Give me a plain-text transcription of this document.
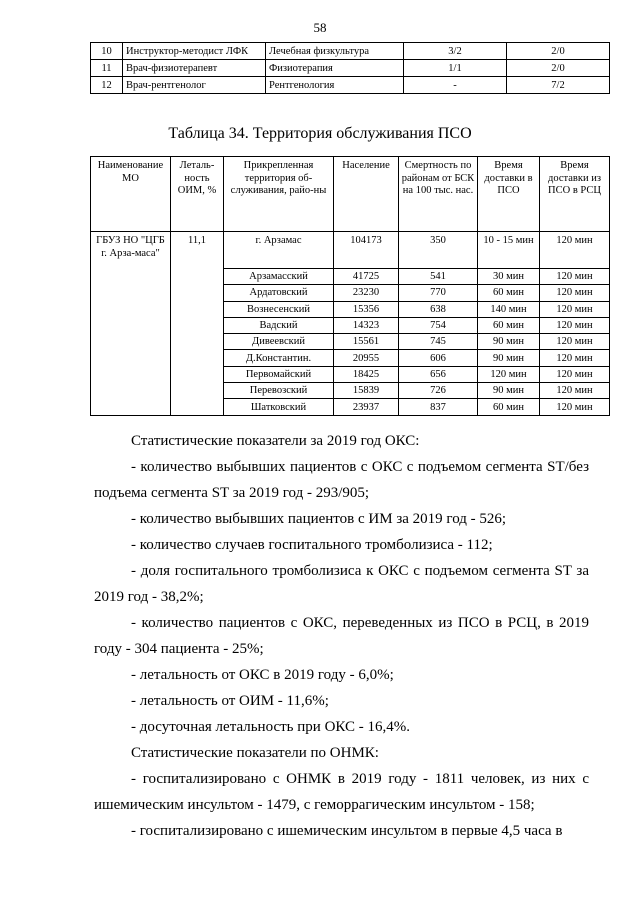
58
10	Инструктор-методист ЛФК	Лечебная физкультура	3/2	2/0
11	Врач-физиотерапевт	Физиотерапия	1/1	2/0
12	Врач-рентгенолог	Рентгенология	-	7/2
Таблица 34. Территория обслуживания ПСО
Наименование МО	Леталь-ность ОИМ, %	Прикрепленная территория об-служивания, райо-ны	Население	Смертность по районам от БСК на 100 тыс. нас.	Время доставки в ПСО	Время доставки из ПСО в РСЦ
ГБУЗ НО "ЦГБ г. Арза-маса"	11,1	г. Арзамас	104173	350	10 - 15 мин	120 мин
		Арзамасский	41725	541	30 мин	120 мин
		Ардатовский	23230	770	60 мин	120 мин
		Вознесенский	15356	638	140 мин	120 мин
		Вадский	14323	754	60 мин	120 мин
		Дивеевский	15561	745	90 мин	120 мин
		Д.Константин.	20955	606	90 мин	120 мин
		Первомайский	18425	656	120 мин	120 мин
		Перевозский	15839	726	90 мин	120 мин
		Шатковский	23937	837	60 мин	120 мин

Статистические показатели за 2019 год ОКС:

- количество выбывших пациентов с ОКС с подъемом сегмента ST/без подъема сегмента ST за 2019 год - 293/905;

- количество выбывших пациентов с ИМ за 2019 год - 526;

- количество случаев госпитального тромболизиса - 112;

- доля госпитального тромболизиса к ОКС с подъемом сегмента ST за 2019 год - 38,2%;

- количество пациентов с ОКС, переведенных из ПСО в РСЦ, в 2019 году - 304 пациента - 25%;

- летальность от ОКС в 2019 году - 6,0%;

- летальность от ОИМ - 11,6%;

- досуточная летальность при ОКС - 16,4%.

Статистические показатели по ОНМК:

- госпитализировано с ОНМК в 2019 году - 1811 человек, из них с ишемическим инсультом - 1479, с геморрагическим инсультом - 158;

- госпитализировано с ишемическим инсультом в первые 4,5 часа в
